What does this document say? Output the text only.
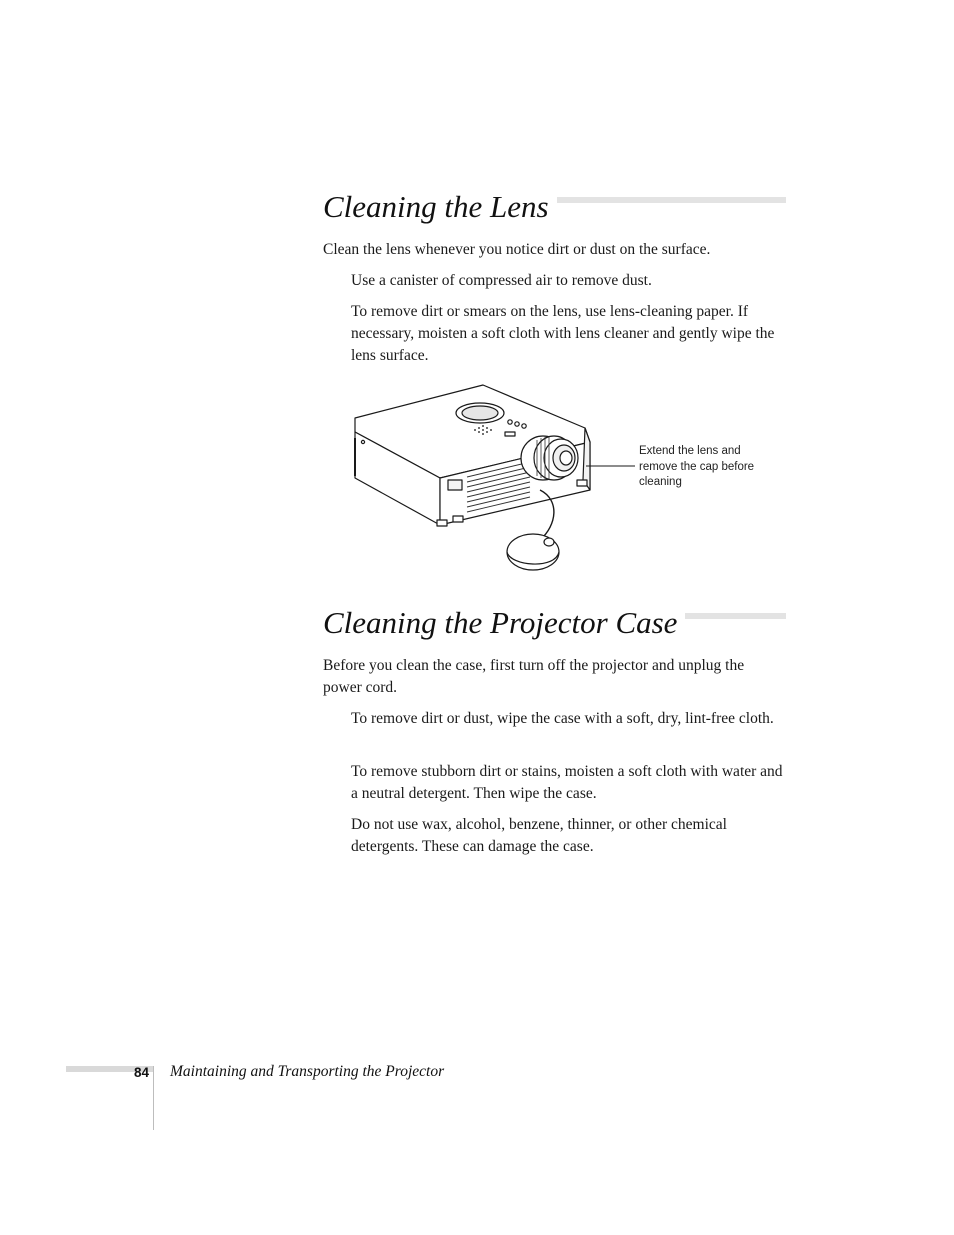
Cleaning the Lens

Clean the lens whenever you notice dirt or dust on the surface.

Use a canister of compressed air to remove dust.

To remove dirt or smears on the lens, use lens-cleaning paper. If necessary, moisten a soft cloth with lens cleaner and gently wipe the lens surface.

Extend the lens and remove the cap before cleaning
Cleaning the Projector Case

Before you clean the case, first turn off the projector and unplug the power cord.

To remove dirt or dust, wipe the case with a soft, dry, lint-free cloth.

To remove stubborn dirt or stains, moisten a soft cloth with water and a neutral detergent. Then wipe the case.

Do not use wax, alcohol, benzene, thinner, or other chemical detergents. These can damage the case.

84 Maintaining and Transporting the Projector
